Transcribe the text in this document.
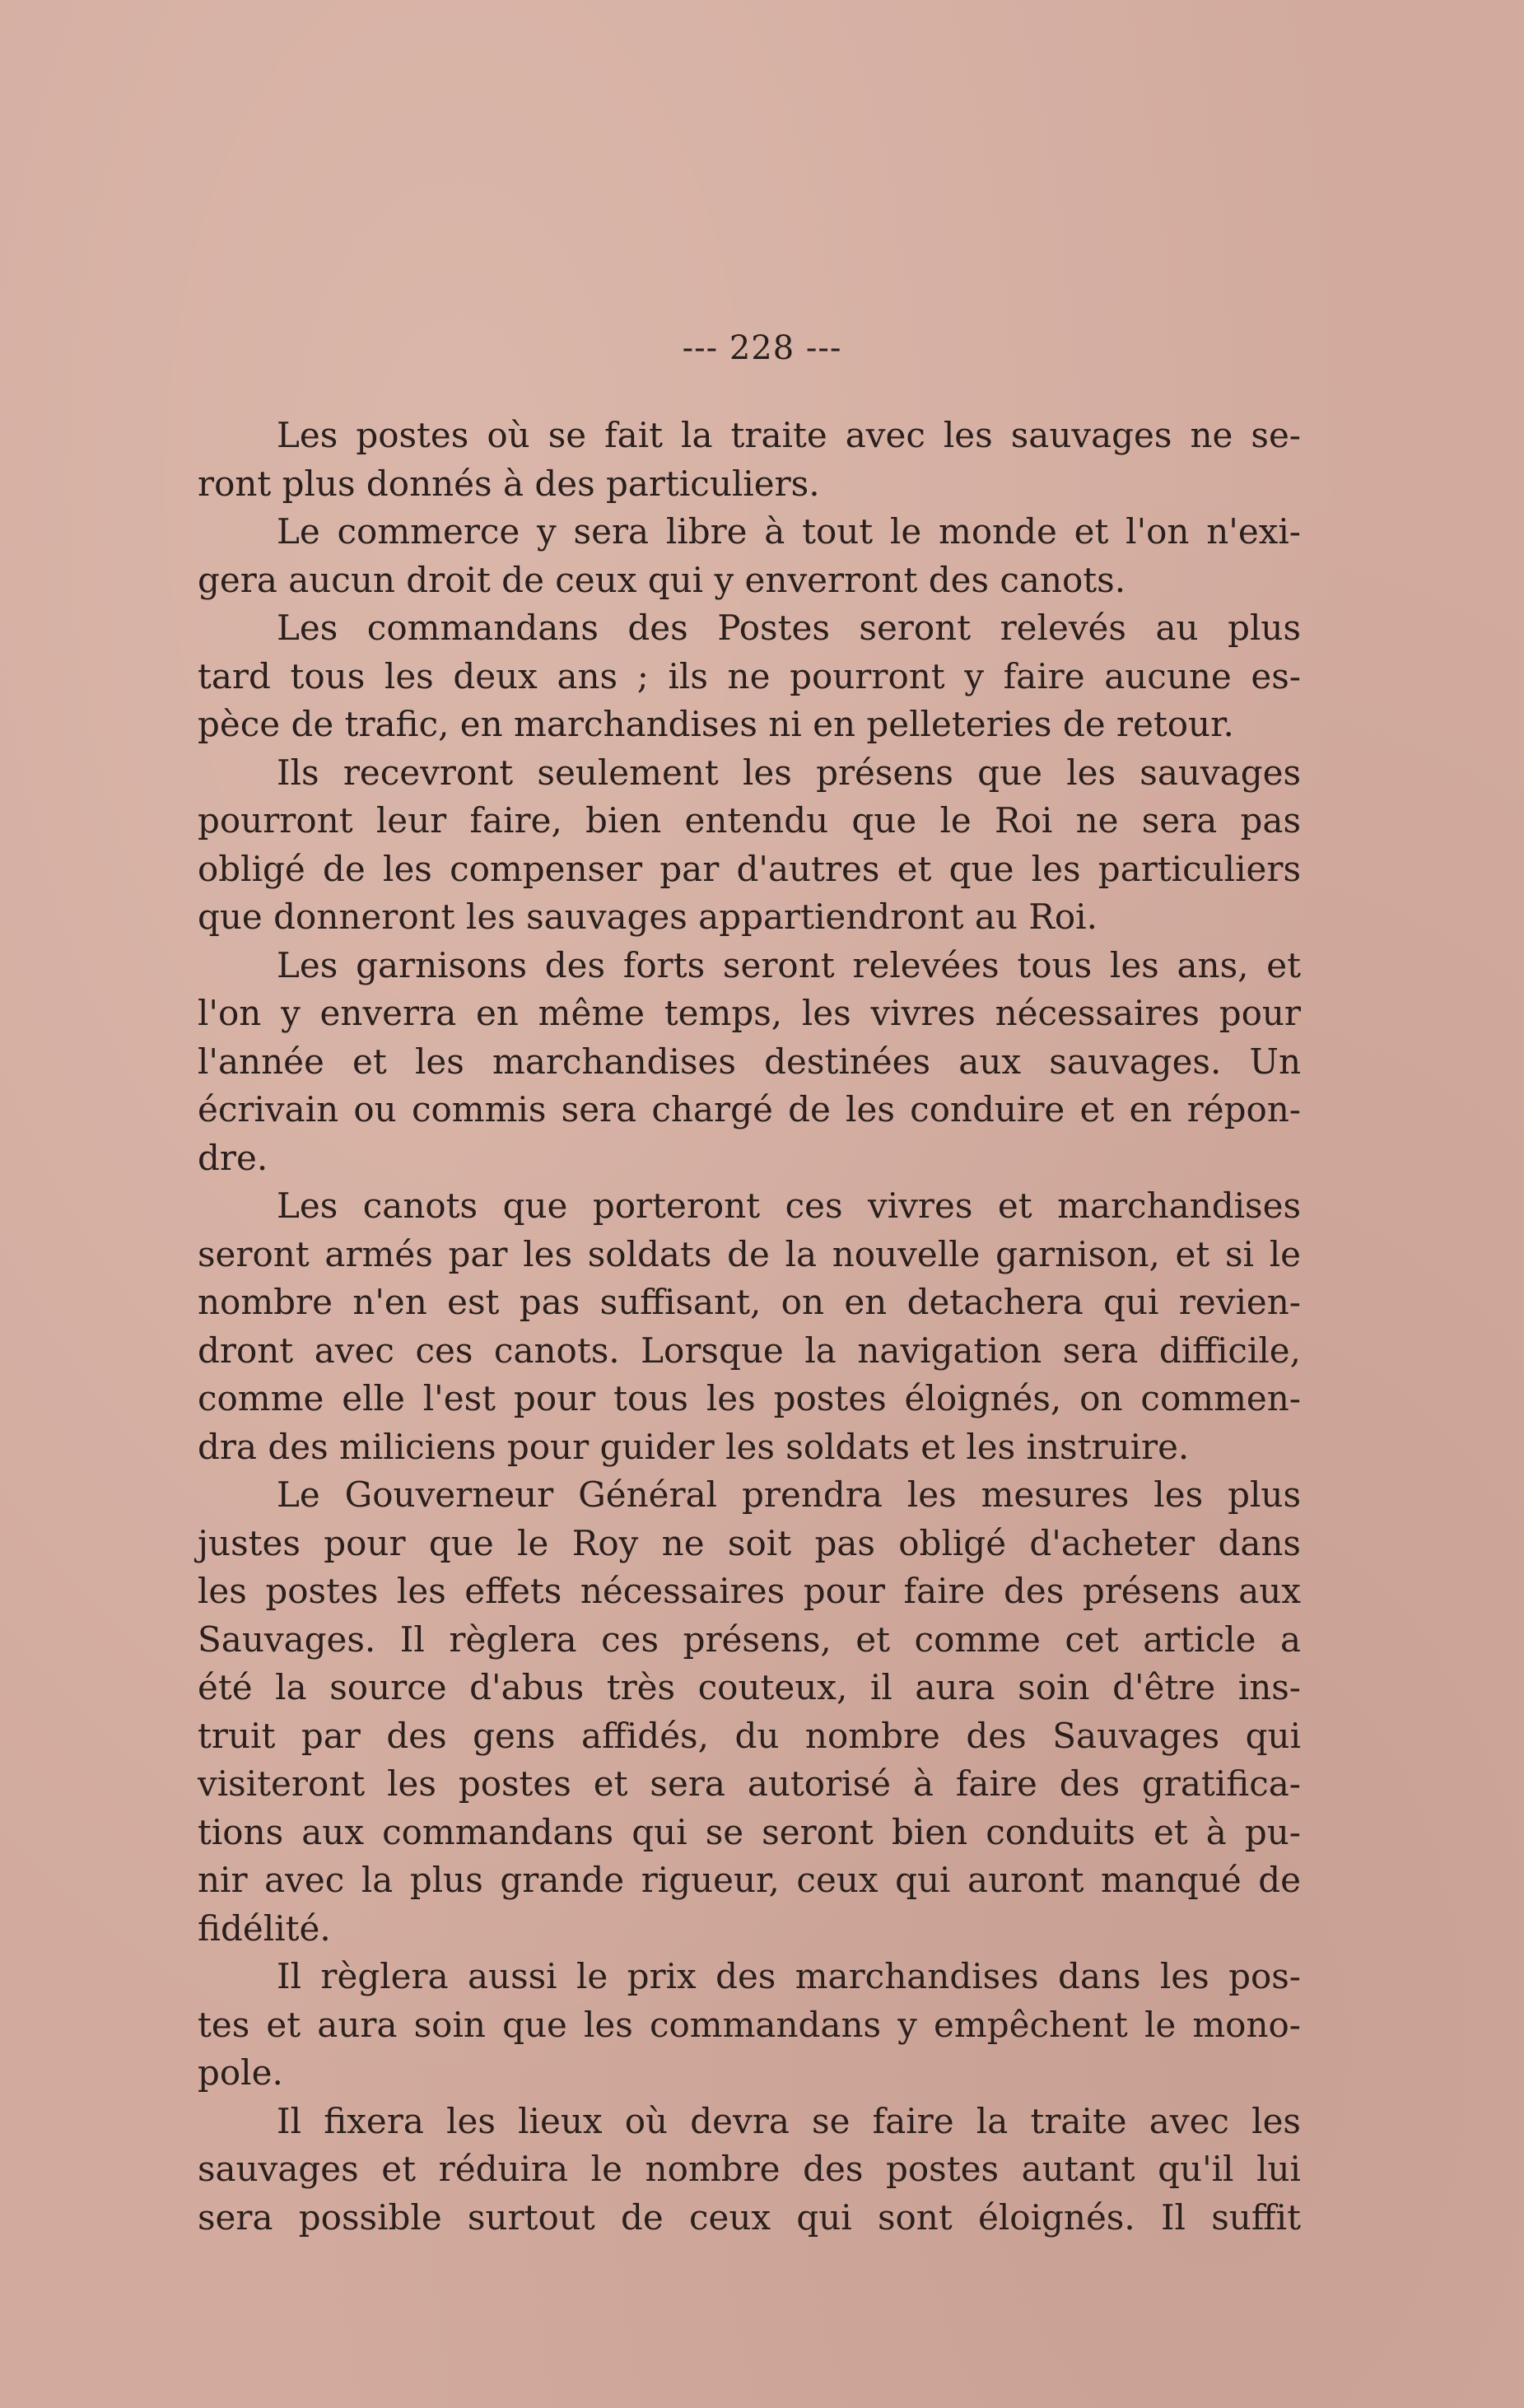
--- 228 ---
Les postes où se fait la traite avec les sauvages ne se-
ront plus donnés à des particuliers.
Le commerce y sera libre à tout le monde et l'on n'exi-
gera aucun droit de ceux qui y enverront des canots.
Les commandans des Postes seront relevés au plus
tard tous les deux ans ; ils ne pourront y faire aucune es-
pèce de trafic, en marchandises ni en pelleteries de retour.
Ils recevront seulement les présens que les sauvages
pourront leur faire, bien entendu que le Roi ne sera pas
obligé de les compenser par d'autres et que les particuliers
que donneront les sauvages appartiendront au Roi.
Les garnisons des forts seront relevées tous les ans, et
l'on y enverra en même temps, les vivres nécessaires pour
l'année et les marchandises destinées aux sauvages. Un
écrivain ou commis sera chargé de les conduire et en répon-
dre.
Les canots que porteront ces vivres et marchandises
seront armés par les soldats de la nouvelle garnison, et si le
nombre n'en est pas suffisant, on en detachera qui revien-
dront avec ces canots. Lorsque la navigation sera difficile,
comme elle l'est pour tous les postes éloignés, on commen-
dra des miliciens pour guider les soldats et les instruire.
Le Gouverneur Général prendra les mesures les plus
justes pour que le Roy ne soit pas obligé d'acheter dans
les postes les effets nécessaires pour faire des présens aux
Sauvages. Il règlera ces présens, et comme cet article a
été la source d'abus très couteux, il aura soin d'être ins-
truit par des gens affidés, du nombre des Sauvages qui
visiteront les postes et sera autorisé à faire des gratifica-
tions aux commandans qui se seront bien conduits et à pu-
nir avec la plus grande rigueur, ceux qui auront manqué de
fidélité.
Il règlera aussi le prix des marchandises dans les pos-
tes et aura soin que les commandans y empêchent le mono-
pole.
Il fixera les lieux où devra se faire la traite avec les
sauvages et réduira le nombre des postes autant qu'il lui
sera possible surtout de ceux qui sont éloignés. Il suffit
